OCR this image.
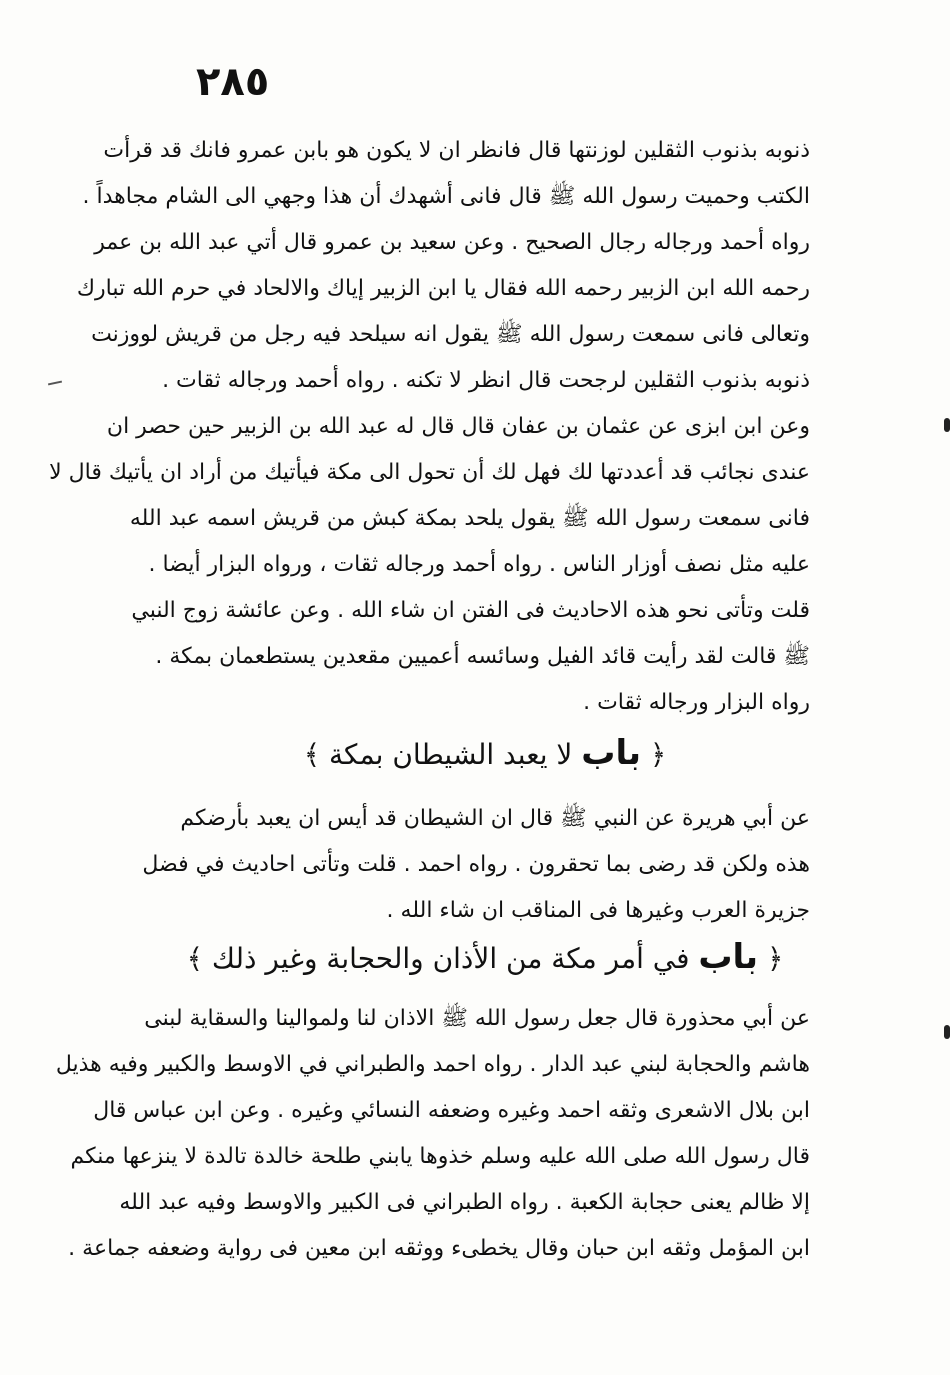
٢٨٥
ذنوبه بذنوب الثقلين لوزنتها قال فانظر ان لا يكون هو بابن عمرو فانك قد قرأت
الكتب وحميت رسول الله ﷺ قال فانى أشهدك أن هذا وجهي الى الشام مجاهداً .
رواه أحمد ورجاله رجال الصحيح . وعن سعيد بن عمرو قال أتي عبد الله بن عمر
رحمه الله ابن الزبير رحمه الله فقال يا ابن الزبير إياك والالحاد في حرم الله تبارك
وتعالى فانى سمعت رسول الله ﷺ يقول انه سيلحد فيه رجل من قريش لووزنت
ذنوبه بذنوب الثقلين لرجحت قال انظر لا تكنه . رواه أحمد ورجاله ثقات .
وعن ابن ابزى عن عثمان بن عفان قال قال له عبد الله بن الزبير حين حصر ان
عندى نجائب قد أعددتها لك فهل لك أن تحول الى مكة فيأتيك من أراد ان يأتيك قال لا
فانى سمعت رسول الله ﷺ يقول يلحد بمكة كبش من قريش اسمه عبد الله
عليه مثل نصف أوزار الناس . رواه أحمد ورجاله ثقات ، ورواه البزار أيضا .
قلت وتأتى نحو هذه الاحاديث فى الفتن ان شاء الله . وعن عائشة زوج النبي
ﷺ قالت لقد رأيت قائد الفيل وسائسه أعميين مقعدين يستطعمان بمكة .
رواه البزار ورجاله ثقات .
﴿ باب لا يعبد الشيطان بمكة ﴾
عن أبي هريرة عن النبي ﷺ قال ان الشيطان قد أيس ان يعبد بأرضكم
هذه ولكن قد رضى بما تحقرون . رواه احمد . قلت وتأتى احاديث في فضل
جزيرة العرب وغيرها فى المناقب ان شاء الله .
﴿ باب في أمر مكة من الأذان والحجابة وغير ذلك ﴾
عن أبي محذورة قال جعل رسول الله ﷺ الاذان لنا ولموالينا والسقاية لبنى
هاشم والحجابة لبني عبد الدار . رواه احمد والطبراني في الاوسط والكبير وفيه هذيل
ابن بلال الاشعرى وثقه احمد وغيره وضعفه النسائي وغيره . وعن ابن عباس قال
قال رسول الله صلى الله عليه وسلم خذوها يابني طلحة خالدة تالدة لا ينزعها منكم
إلا ظالم يعنى حجابة الكعبة . رواه الطبراني فى الكبير والاوسط وفيه عبد الله
ابن المؤمل وثقه ابن حبان وقال يخطىء ووثقه ابن معين فى رواية وضعفه جماعة .
